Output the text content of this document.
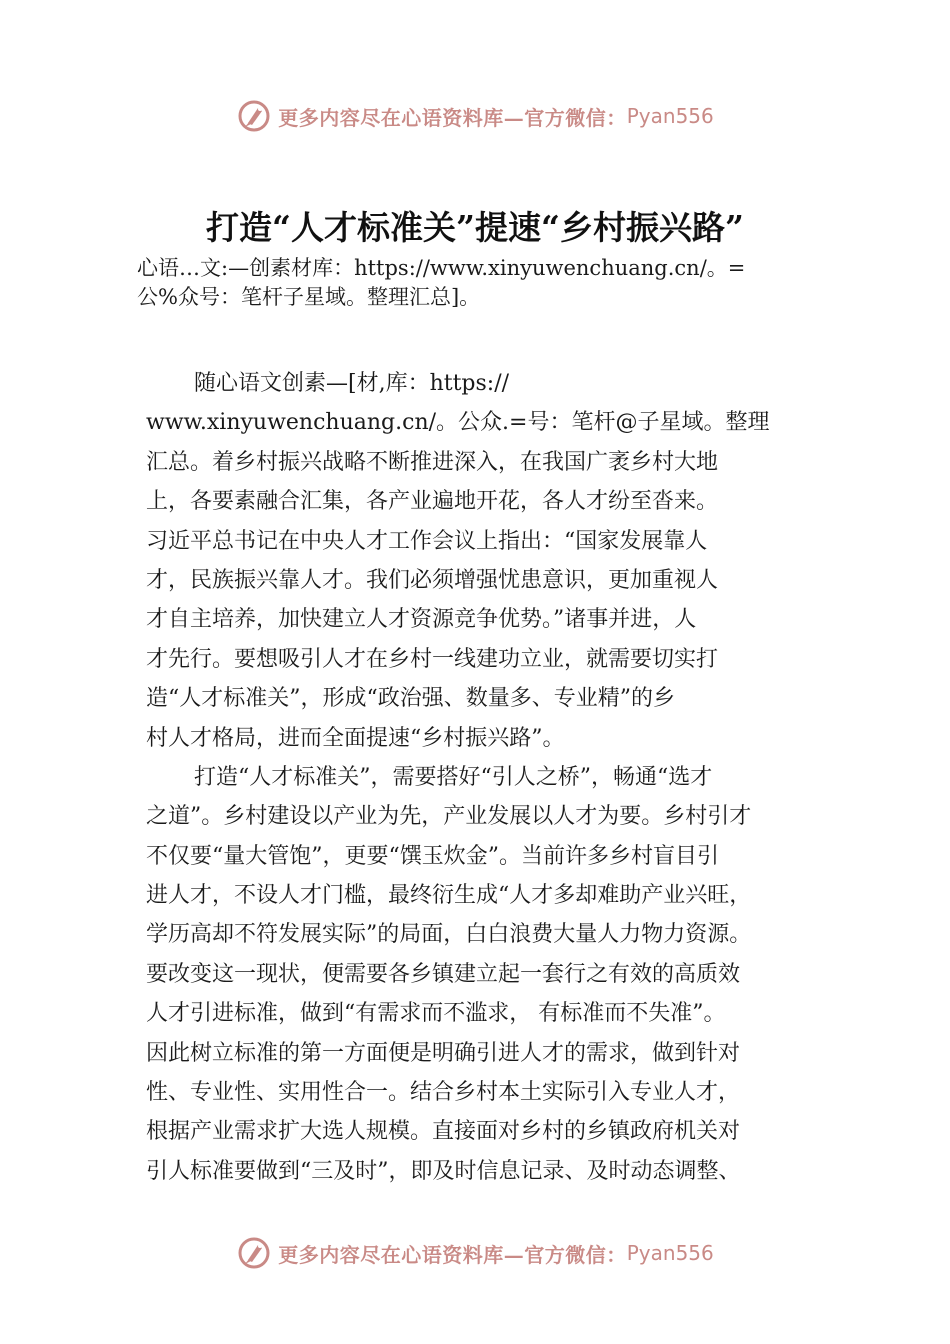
更多内容尽在心语资料库—官方微信： Pyan556
打造“人才标准关”提速“乡村振兴路”
心语…文:—创素材库：https://www.xinyuwenchuang.cn/。=
公%众号：笔杆子星域。整理汇总]。
随心语文创素—[材,库：https://
www.xinyuwenchuang.cn/。公众.=号：笔杆@子星域。整理
汇总。着乡村振兴战略不断推进深入，在我国广袤乡村大地
上，各要素融合汇集，各产业遍地开花，各人才纷至沓来。
习近平总书记在中央人才工作会议上指出：“国家发展靠人
才，民族振兴靠人才。我们必须增强忧患意识，更加重视人
才自主培养，加快建立人才资源竞争优势。”诸事并进，人
才先行。要想吸引人才在乡村一线建功立业，就需要切实打
造“人才标准关”，形成“政治强、数量多、专业精”的乡
村人才格局，进而全面提速“乡村振兴路”。
打造“人才标准关”，需要搭好“引人之桥”，畅通“选才
之道”。乡村建设以产业为先，产业发展以人才为要。乡村引才
不仅要“量大管饱”，更要“馔玉炊金”。当前许多乡村盲目引
进人才，不设人才门槛，最终衍生成“人才多却难助产业兴旺，
学历高却不符发展实际”的局面，白白浪费大量人力物力资源。
要改变这一现状，便需要各乡镇建立起一套行之有效的高质效
人才引进标准，做到“有需求而不滥求， 有标准而不失准”。
因此树立标准的第一方面便是明确引进人才的需求，做到针对
性、专业性、实用性合一。结合乡村本土实际引入专业人才，
根据产业需求扩大选人规模。直接面对乡村的乡镇政府机关对
引人标准要做到“三及时”，即及时信息记录、及时动态调整、
更多内容尽在心语资料库—官方微信： Pyan556
